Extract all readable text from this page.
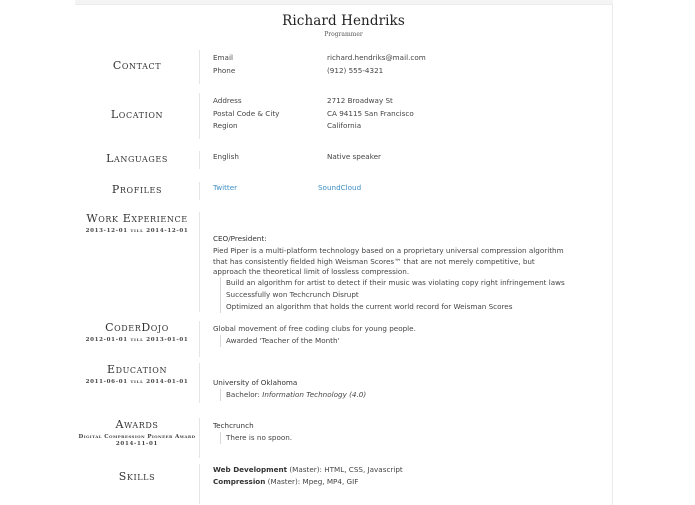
Richard Hendriks
Programmer
Contact
Email	richard.hendriks@mail.com
Phone	(912) 555-4321
Location
Address	2712 Broadway St
Postal Code & City	CA 94115 San Francisco
Region	California
Languages	English	Native speaker
Profiles	Twitter	SoundCloud
Work Experience
2013-12-01 till 2014-12-01
CEO/President:
Pied Piper is a multi-platform technology based on a proprietary universal compression algorithm that has consistently fielded high Weisman Scores™ that are not merely competitive, but approach the theoretical limit of lossless compression.
Build an algorithm for artist to detect if their music was violating copy right infringement laws
Successfully won Techcrunch Disrupt
Optimized an algorithm that holds the current world record for Weisman Scores
CoderDojo
2012-01-01 till 2013-01-01
Global movement of free coding clubs for young people.
Awarded 'Teacher of the Month'
Education
2011-06-01 till 2014-01-01	University of Oklahoma
Bachelor: Information Technology (4.0)
Awards
Digital Compression Pioneer Award
2014-11-01
Techcrunch
There is no spoon.
Skills
Web Development (Master): HTML, CSS, Javascript
Compression (Master): Mpeg, MP4, GIF
